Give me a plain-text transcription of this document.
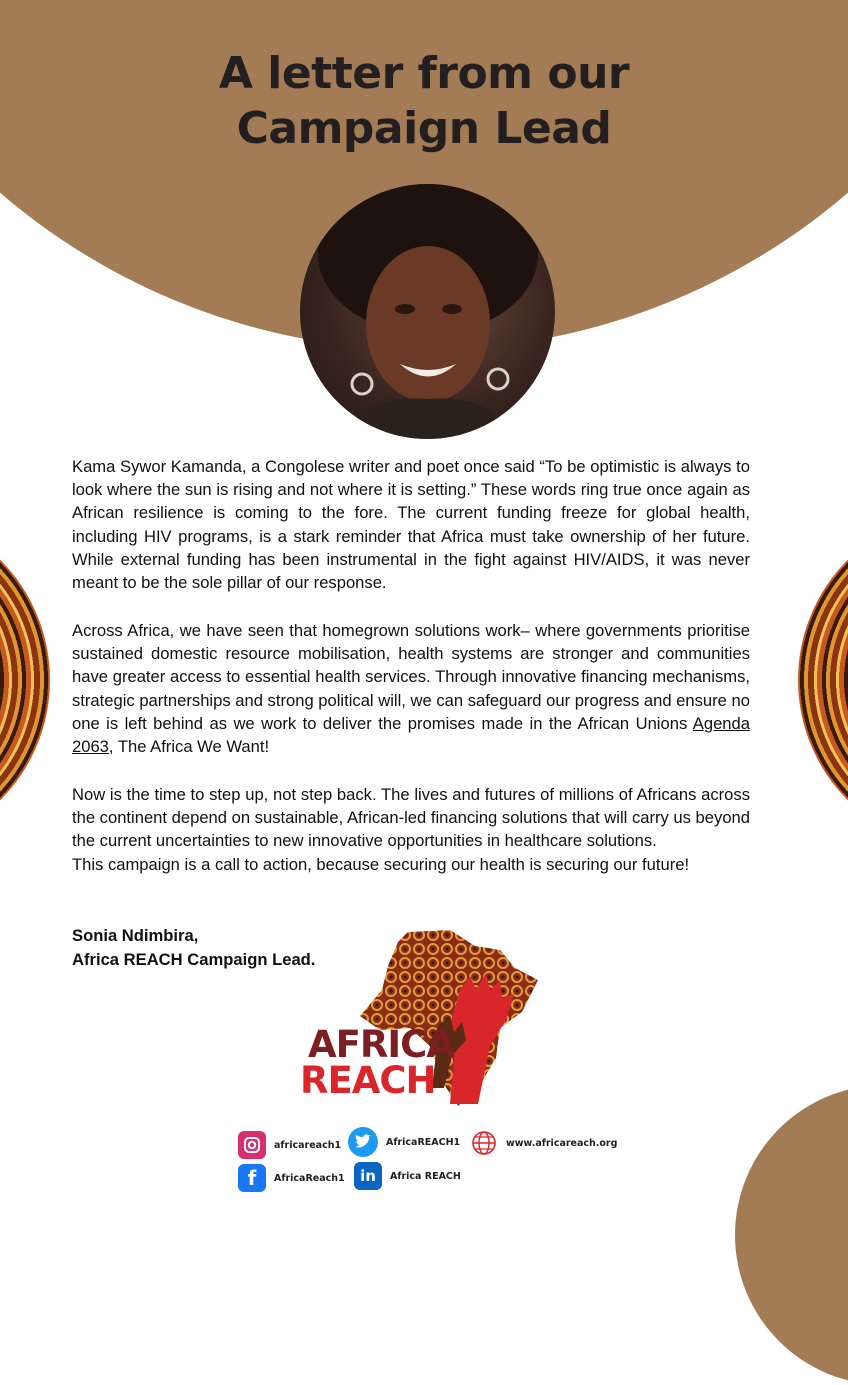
A letter from our
Campaign Lead

Kama Sywor Kamanda, a Congolese writer and poet once said “To be optimistic is always to look where the sun is rising and not where it is setting.” These words ring true once again as African resilience is coming to the fore. The current funding freeze for global health, including HIV programs, is a stark reminder that Africa must take ownership of her future. While external funding has been instrumental in the fight against HIV/AIDS, it was never meant to be the sole pillar of our response.

Across Africa, we have seen that homegrown solutions work– where governments prioritise sustained domestic resource mobilisation, health systems are stronger and communities have greater access to essential health services. Through innovative financing mechanisms, strategic partnerships and strong political will, we can safeguard our progress and ensure no one is left behind as we work to deliver the promises made in the African Unions Agenda 2063, The Africa We Want!

Now is the time to step up, not step back. The lives and futures of millions of Africans across the continent depend on sustainable, African-led financing solutions that will carry us beyond the current uncertainties to new innovative opportunities in healthcare solutions.

This campaign is a call to action, because securing our health is securing our future!

Sonia Ndimbira,
Africa REACH Campaign Lead.
AFRICA
REACH
africareach1	AfricaREACH1	www.africareach.org
f	AfricaReach1	in	Africa REACH
